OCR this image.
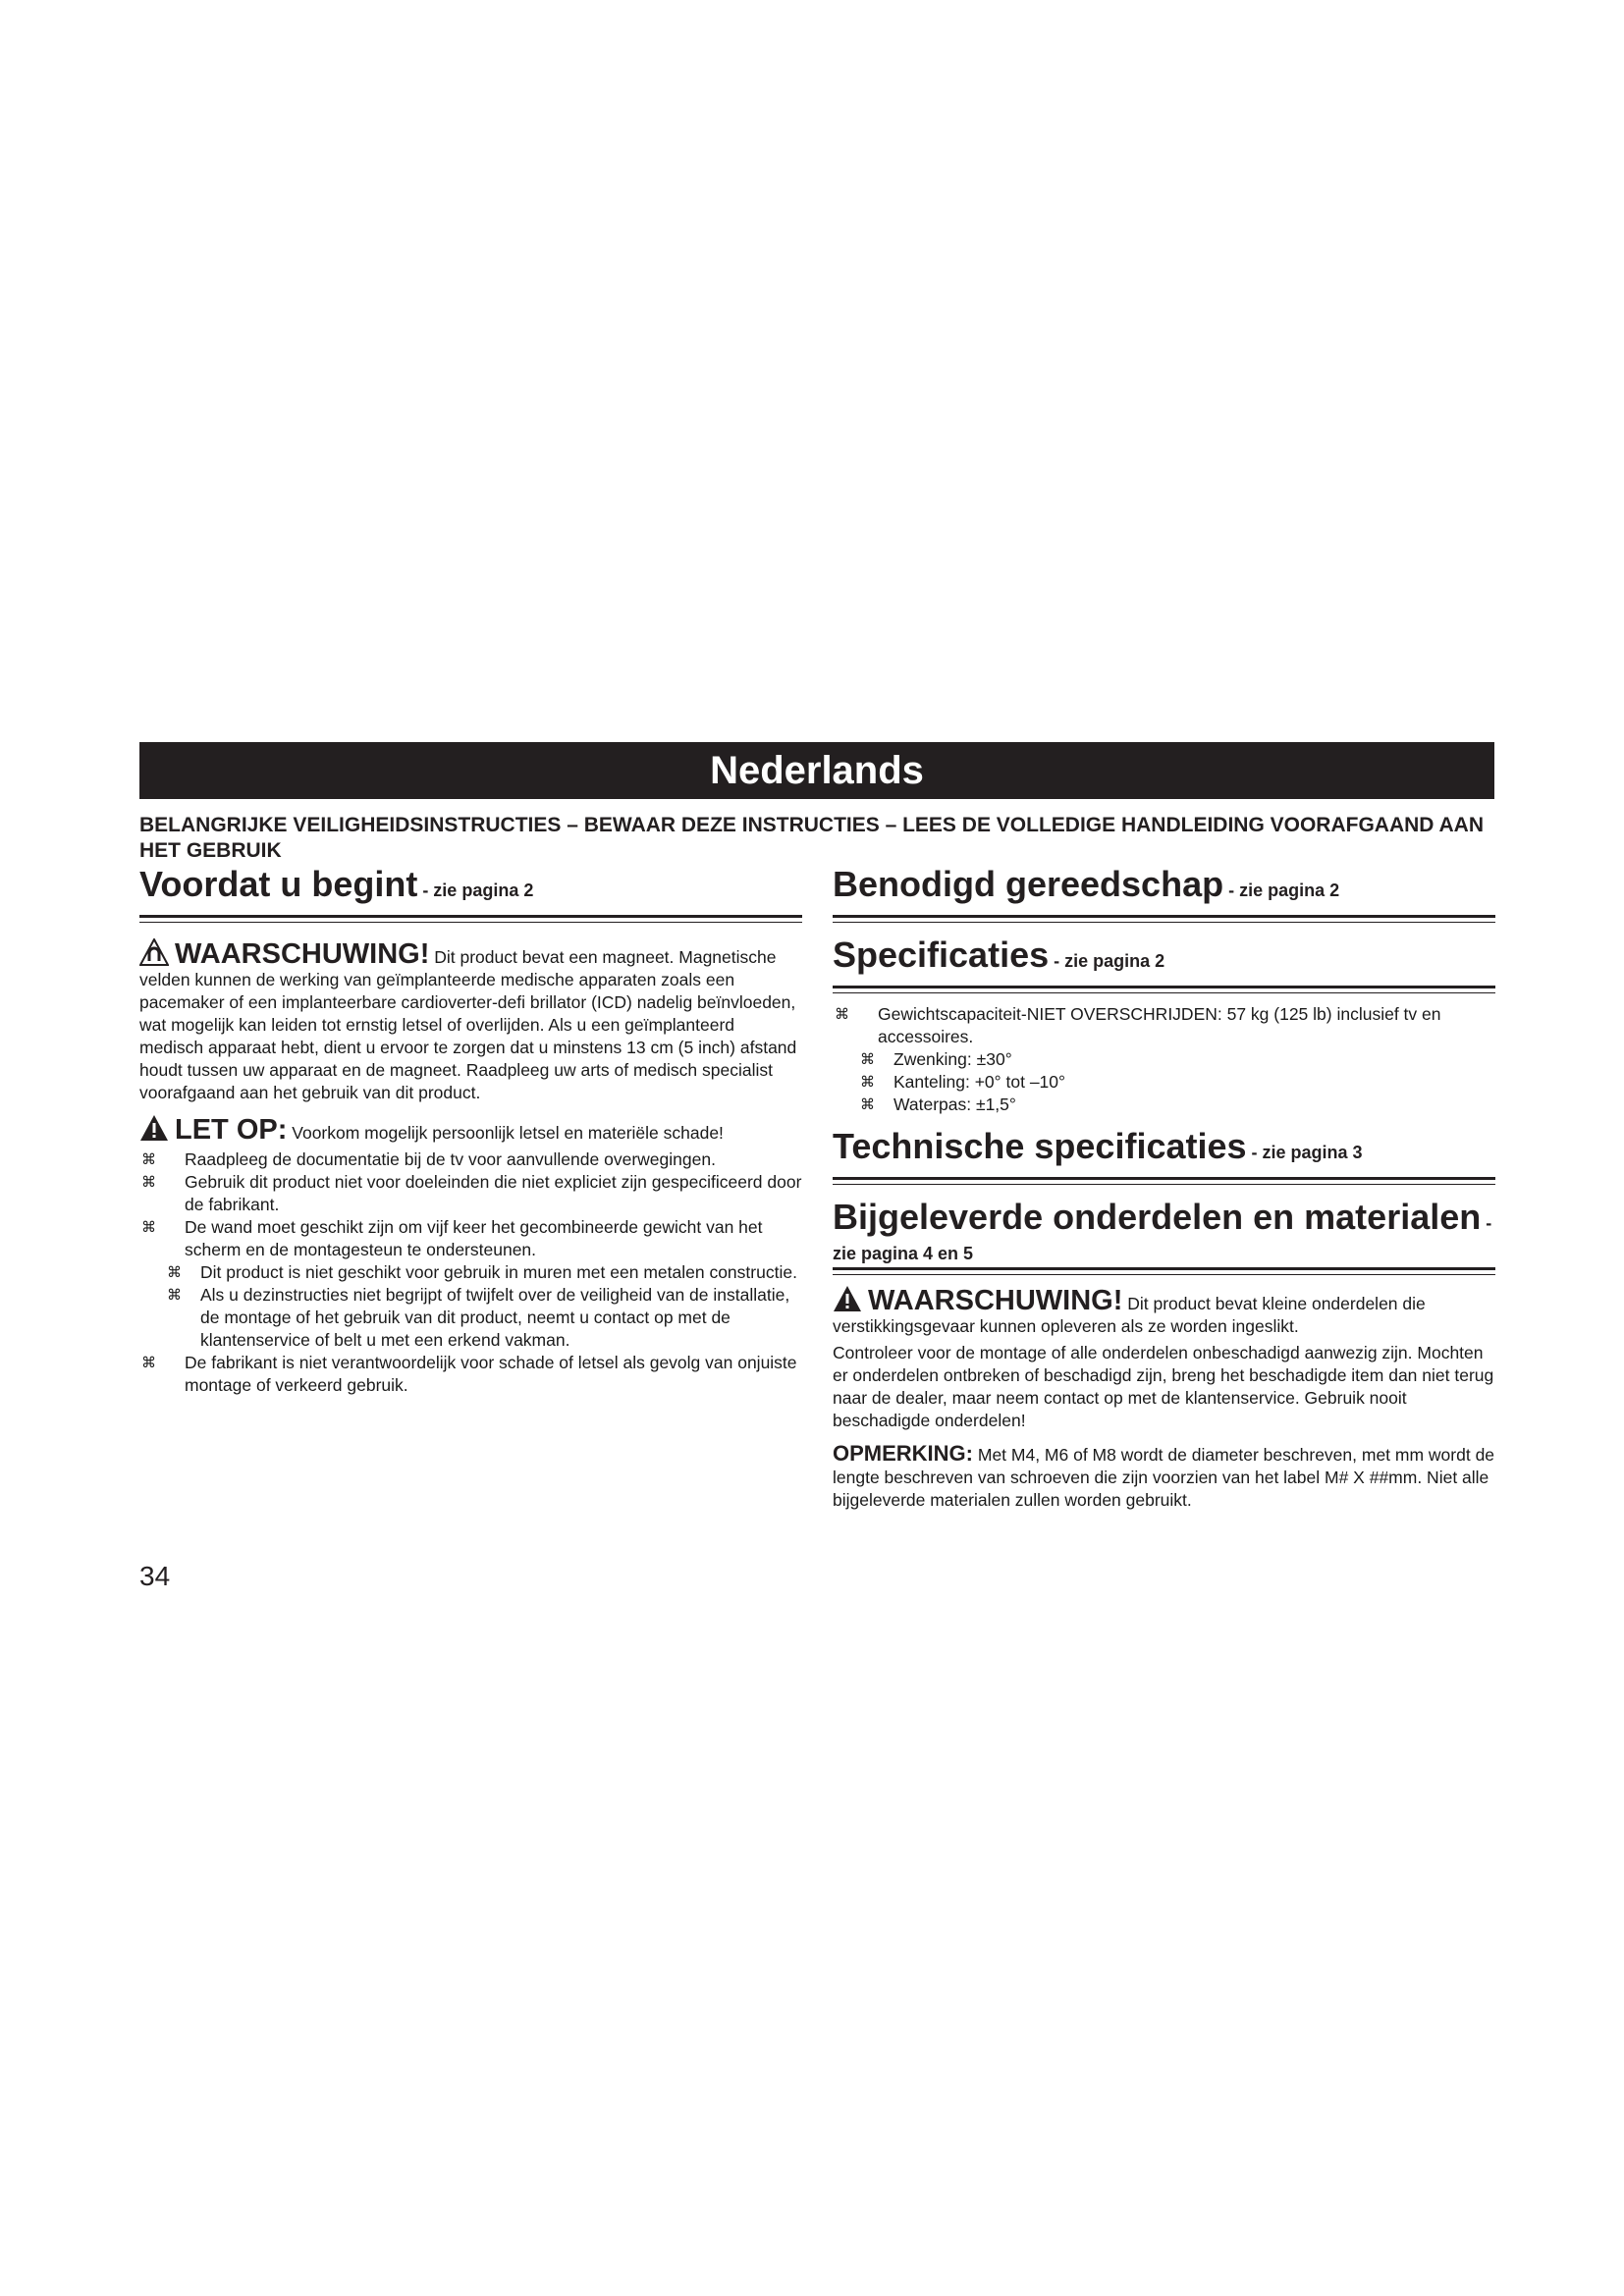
Nederlands
BELANGRIJKE VEILIGHEIDSINSTRUCTIES – BEWAAR DEZE INSTRUCTIES – LEES DE VOLLEDIGE HANDLEIDING VOORAFGAAND AAN HET GEBRUIK
Voordat u begint - zie pagina 2
WAARSCHUWING! Dit product bevat een magneet. Magnetische velden kunnen de werking van geïmplanteerde medische apparaten zoals een pacemaker of een implanteerbare cardioverter-defi brillator (ICD) nadelig beïnvloeden, wat mogelijk kan leiden tot ernstig letsel of overlijden. Als u een geïmplanteerd medisch apparaat hebt, dient u ervoor te zorgen dat u minstens 13 cm (5 inch) afstand houdt tussen uw apparaat en de magneet. Raadpleeg uw arts of medisch specialist voorafgaand aan het gebruik van dit product.
LET OP: Voorkom mogelijk persoonlijk letsel en materiële schade!
⌘ Raadpleeg de documentatie bij de tv voor aanvullende overwegingen.
⌘ Gebruik dit product niet voor doeleinden die niet expliciet zijn gespecificeerd door de fabrikant.
⌘ De wand moet geschikt zijn om vijf keer het gecombineerde gewicht van het scherm en de montagesteun te ondersteunen.
⌘ Dit product is niet geschikt voor gebruik in muren met een metalen constructie.
⌘ Als u dezinstructies niet begrijpt of twijfelt over de veiligheid van de installatie, de montage of het gebruik van dit product, neemt u contact op met de klantenservice of belt u met een erkend vakman.
⌘ De fabrikant is niet verantwoordelijk voor schade of letsel als gevolg van onjuiste montage of verkeerd gebruik.
Benodigd gereedschap - zie pagina 2
Specificaties - zie pagina 2
⌘ Gewichtscapaciteit-NIET OVERSCHRIJDEN: 57 kg (125 lb) inclusief tv en accessoires.
⌘ Zwenking: ±30°
⌘ Kanteling: +0° tot –10°
⌘ Waterpas: ±1,5°
Technische specificaties - zie pagina 3
Bijgeleverde onderdelen en materialen -
zie pagina 4 en 5
WAARSCHUWING! Dit product bevat kleine onderdelen die verstikkingsgevaar kunnen opleveren als ze worden ingeslikt.
Controleer voor de montage of alle onderdelen onbeschadigd aanwezig zijn. Mochten er onderdelen ontbreken of beschadigd zijn, breng het beschadigde item dan niet terug naar de dealer, maar neem contact op met de klantenservice. Gebruik nooit beschadigde onderdelen!
OPMERKING: Met M4, M6 of M8 wordt de diameter beschreven, met mm wordt de lengte beschreven van schroeven die zijn voorzien van het label M# X ##mm. Niet alle bijgeleverde materialen zullen worden gebruikt.
34
